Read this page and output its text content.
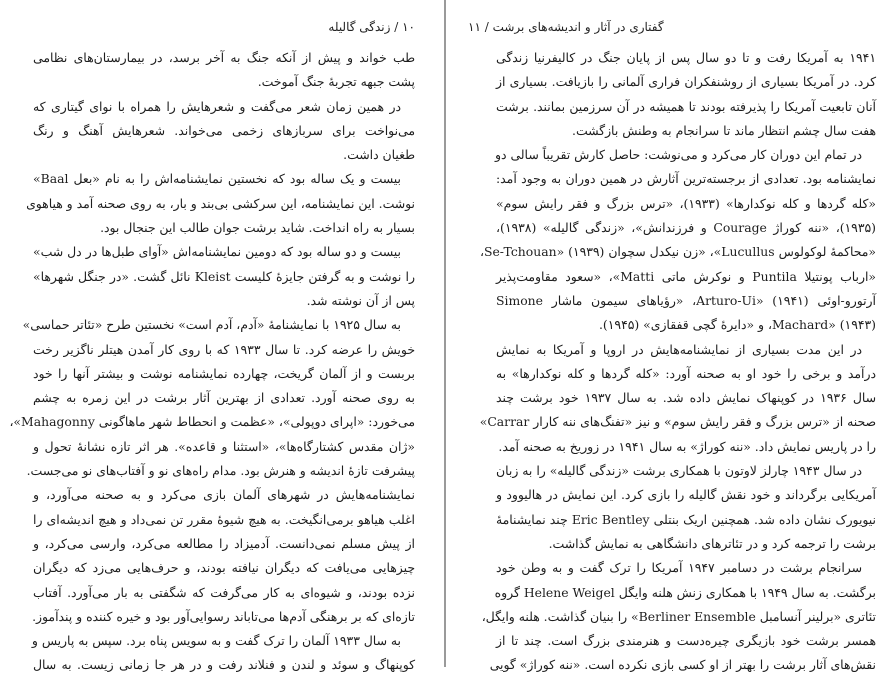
۱۰ / زندگی گالیله
طب خواند و پیش از آنکه جنگ به آخر برسد، در بیمارستان‌های نظامی
پشت جبهه تجربهٔ جنگ آموخت.
در همین زمان شعر می‌گفت و شعرهایش را همراه با نوای گیتاری که
می‌نواخت برای سربازهای زخمی می‌خواند. شعرهایش آهنگ و رنگ
طغیان داشت.
بیست و یک ساله بود که نخستین نمایشنامه‌اش را به نام «بعل Baal»
نوشت. این نمایشنامه، این سرکشی بی‌بند و بار، به روی صحنه آمد و هیاهوی
بسیار به راه انداخت. شاید برشت جوان طالب این جنجال بود.
بیست و دو ساله بود که دومین نمایشنامه‌اش «آوای طبل‌ها در دل شب»
را نوشت و به گرفتن جایزهٔ کلیست Kleist نائل گشت. «در جنگل شهرها»
پس از آن نوشته شد.
به سال ۱۹۲۵ با نمایشنامهٔ «آدم، آدم است» نخستین طرح «تئاتر حماسی»
خویش را عرضه کرد. تا سال ۱۹۳۳ که با روی کار آمدن هیتلر ناگزیر رخت
بربست و از آلمان گریخت، چهارده نمایشنامه نوشت و بیشتر آنها را خود
به روی صحنه آورد. تعدادی از بهترین آثار برشت در این زمره به چشم
می‌خورد: «اپرای دوپولی»، «عظمت و انحطاط شهر ماهاگونی Mahagonny»،
«ژان مقدس کشتارگاه‌ها»، «استثنا و قاعده». هر اثر تازه نشانهٔ تحول و
پیشرفت تازهٔ اندیشه و هنرش بود. مدام راه‌های نو و آفتاب‌های نو می‌جست.
نمایشنامه‌هایش در شهرهای آلمان بازی می‌کرد و به صحنه می‌آورد، و
اغلب هیاهو برمی‌انگیخت. به هیچ شیوهٔ مقرر تن نمی‌داد و هیچ اندیشه‌ای را
از پیش مسلم نمی‌دانست. آدمیزاد را مطالعه می‌کرد، وارسی می‌کرد، و
چیزهایی می‌یافت که دیگران نیافته بودند، و حرف‌هایی می‌زد که دیگران
نزده بودند، و شیوه‌ای به کار می‌گرفت که شگفتی به بار می‌آورد. آفتاب
تازه‌ای که بر برهنگی آدم‌ها می‌تاباند رسوایی‌آور بود و خیره کننده و پندآموز.
به سال ۱۹۳۳ آلمان را ترک گفت و به سویس پناه برد. سپس به پاریس و
کوپنهاگ و سوئد و لندن و فنلاند رفت و در هر جا زمانی زیست. به سال
گفتاری در آثار و اندیشه‌های برشت / ۱۱
۱۹۴۱ به آمریکا رفت و تا دو سال پس از پایان جنگ در کالیفرنیا زندگی
کرد. در آمریکا بسیاری از روشنفکران فراری آلمانی را بازیافت. بسیاری از
آنان تابعیت آمریکا را پذیرفته بودند تا همیشه در آن سرزمین بمانند. برشت
هفت سال چشم انتظار ماند تا سرانجام به وطنش بازگشت.
در تمام این دوران کار می‌کرد و می‌نوشت: حاصل کارش تقریباً سالی دو
نمایشنامه بود. تعدادی از برجسته‌ترین آثارش در همین دوران به وجود آمد:
«کله گردها و کله نوکدارها» (۱۹۳۳)، «ترس بزرگ و فقر رایش سوم»
(۱۹۳۵)، «ننه کوراژ Courage و فرزندانش»، «زندگی گالیله» (۱۹۳۸)،
«محاکمهٔ لوکولوس Lucullus»، «زن نیکدل سچوان Se-Tchouan» (۱۹۳۹)،
«ارباب پونتیلا Puntila و نوکرش ماتی Matti»، «سعود مقاومت‌پذیر
آرتورو-اوئی Arturo-Ui» (۱۹۴۱)، «رؤیاهای سیمون ماشار Simone
Machard» (۱۹۴۳)، و «دایرهٔ گچی قفقازی» (۱۹۴۵).
در این مدت بسیاری از نمایشنامه‌هایش در اروپا و آمریکا به نمایش
درآمد و برخی را خود او به صحنه آورد: «کله گردها و کله نوکدارها» به
سال ۱۹۳۶ در کوپنهاک نمایش داده شد. به سال ۱۹۳۷ خود برشت چند
صحنه از «ترس بزرگ و فقر رایش سوم» و نیز «تفنگ‌های ننه کارار Carrar»
را در پاریس نمایش داد. «ننه کوراژ» به سال ۱۹۴۱ در زوریخ به صحنه آمد.
در سال ۱۹۴۳ چارلز لاوتون با همکاری برشت «زندگی گالیله» را به زبان
آمریکایی برگرداند و خود نقش گالیله را بازی کرد. این نمایش در هالیوود و
نیویورک نشان داده شد. همچنین اریک بنتلی Eric Bentley چند نمایشنامهٔ
برشت را ترجمه کرد و در تئاترهای دانشگاهی به نمایش گذاشت.
سرانجام برشت در دسامبر ۱۹۴۷ آمریکا را ترک گفت و به وطن خود
برگشت. به سال ۱۹۴۹ با همکاری زنش هلنه وایگل Helene Weigel گروه
تئاتری «برلینر آنسامبل Berliner Ensemble» را بنیان گذاشت. هلنه وایگل،
همسر برشت خود بازیگری چیره‌دست و هنرمندی بزرگ است. چند تا از
نقش‌های آثار برشت را بهتر از او کسی بازی نکرده است. «ننه کوراژ» گویی
